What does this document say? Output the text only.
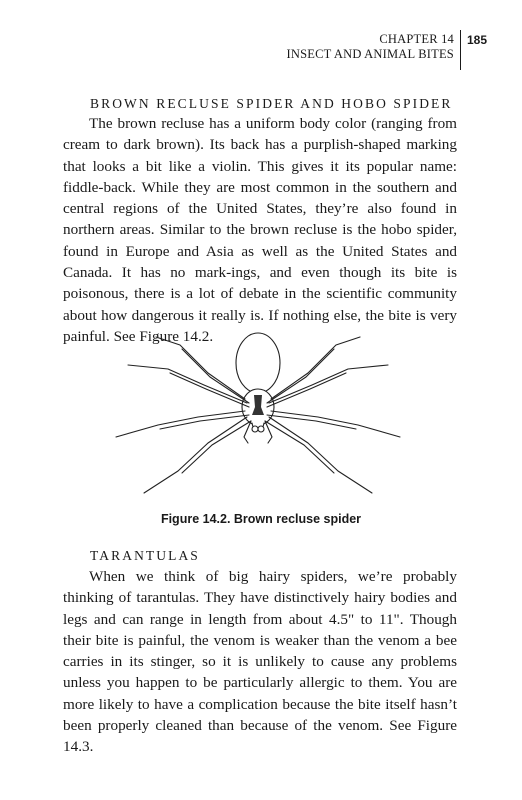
CHAPTER 14
INSECT AND ANIMAL BITES
185
BROWN RECLUSE SPIDER AND HOBO SPIDER

The brown recluse has a uniform body color (ranging from cream to dark brown). Its back has a purplish-shaped marking that looks a bit like a violin. This gives it its popular name: fiddle-back. While they are most common in the southern and central regions of the United States, they’re also found in northern areas. Similar to the brown recluse is the hobo spider, found in Europe and Asia as well as the United States and Canada. It has no mark-ings, and even though its bite is poisonous, there is a lot of debate in the scientific community about how dangerous it really is. If nothing else, the bite is very painful. See Figure 14.2.

Figure 14.2. Brown recluse spider
TARANTULAS

When we think of big hairy spiders, we’re probably thinking of tarantulas. They have distinctively hairy bodies and legs and can range in length from about 4.5" to 11". Though their bite is painful, the venom is weaker than the venom a bee carries in its stinger, so it is unlikely to cause any problems unless you happen to be particularly allergic to them. You are more likely to have a complication because the bite itself hasn’t been properly cleaned than because of the venom. See Figure 14.3.
